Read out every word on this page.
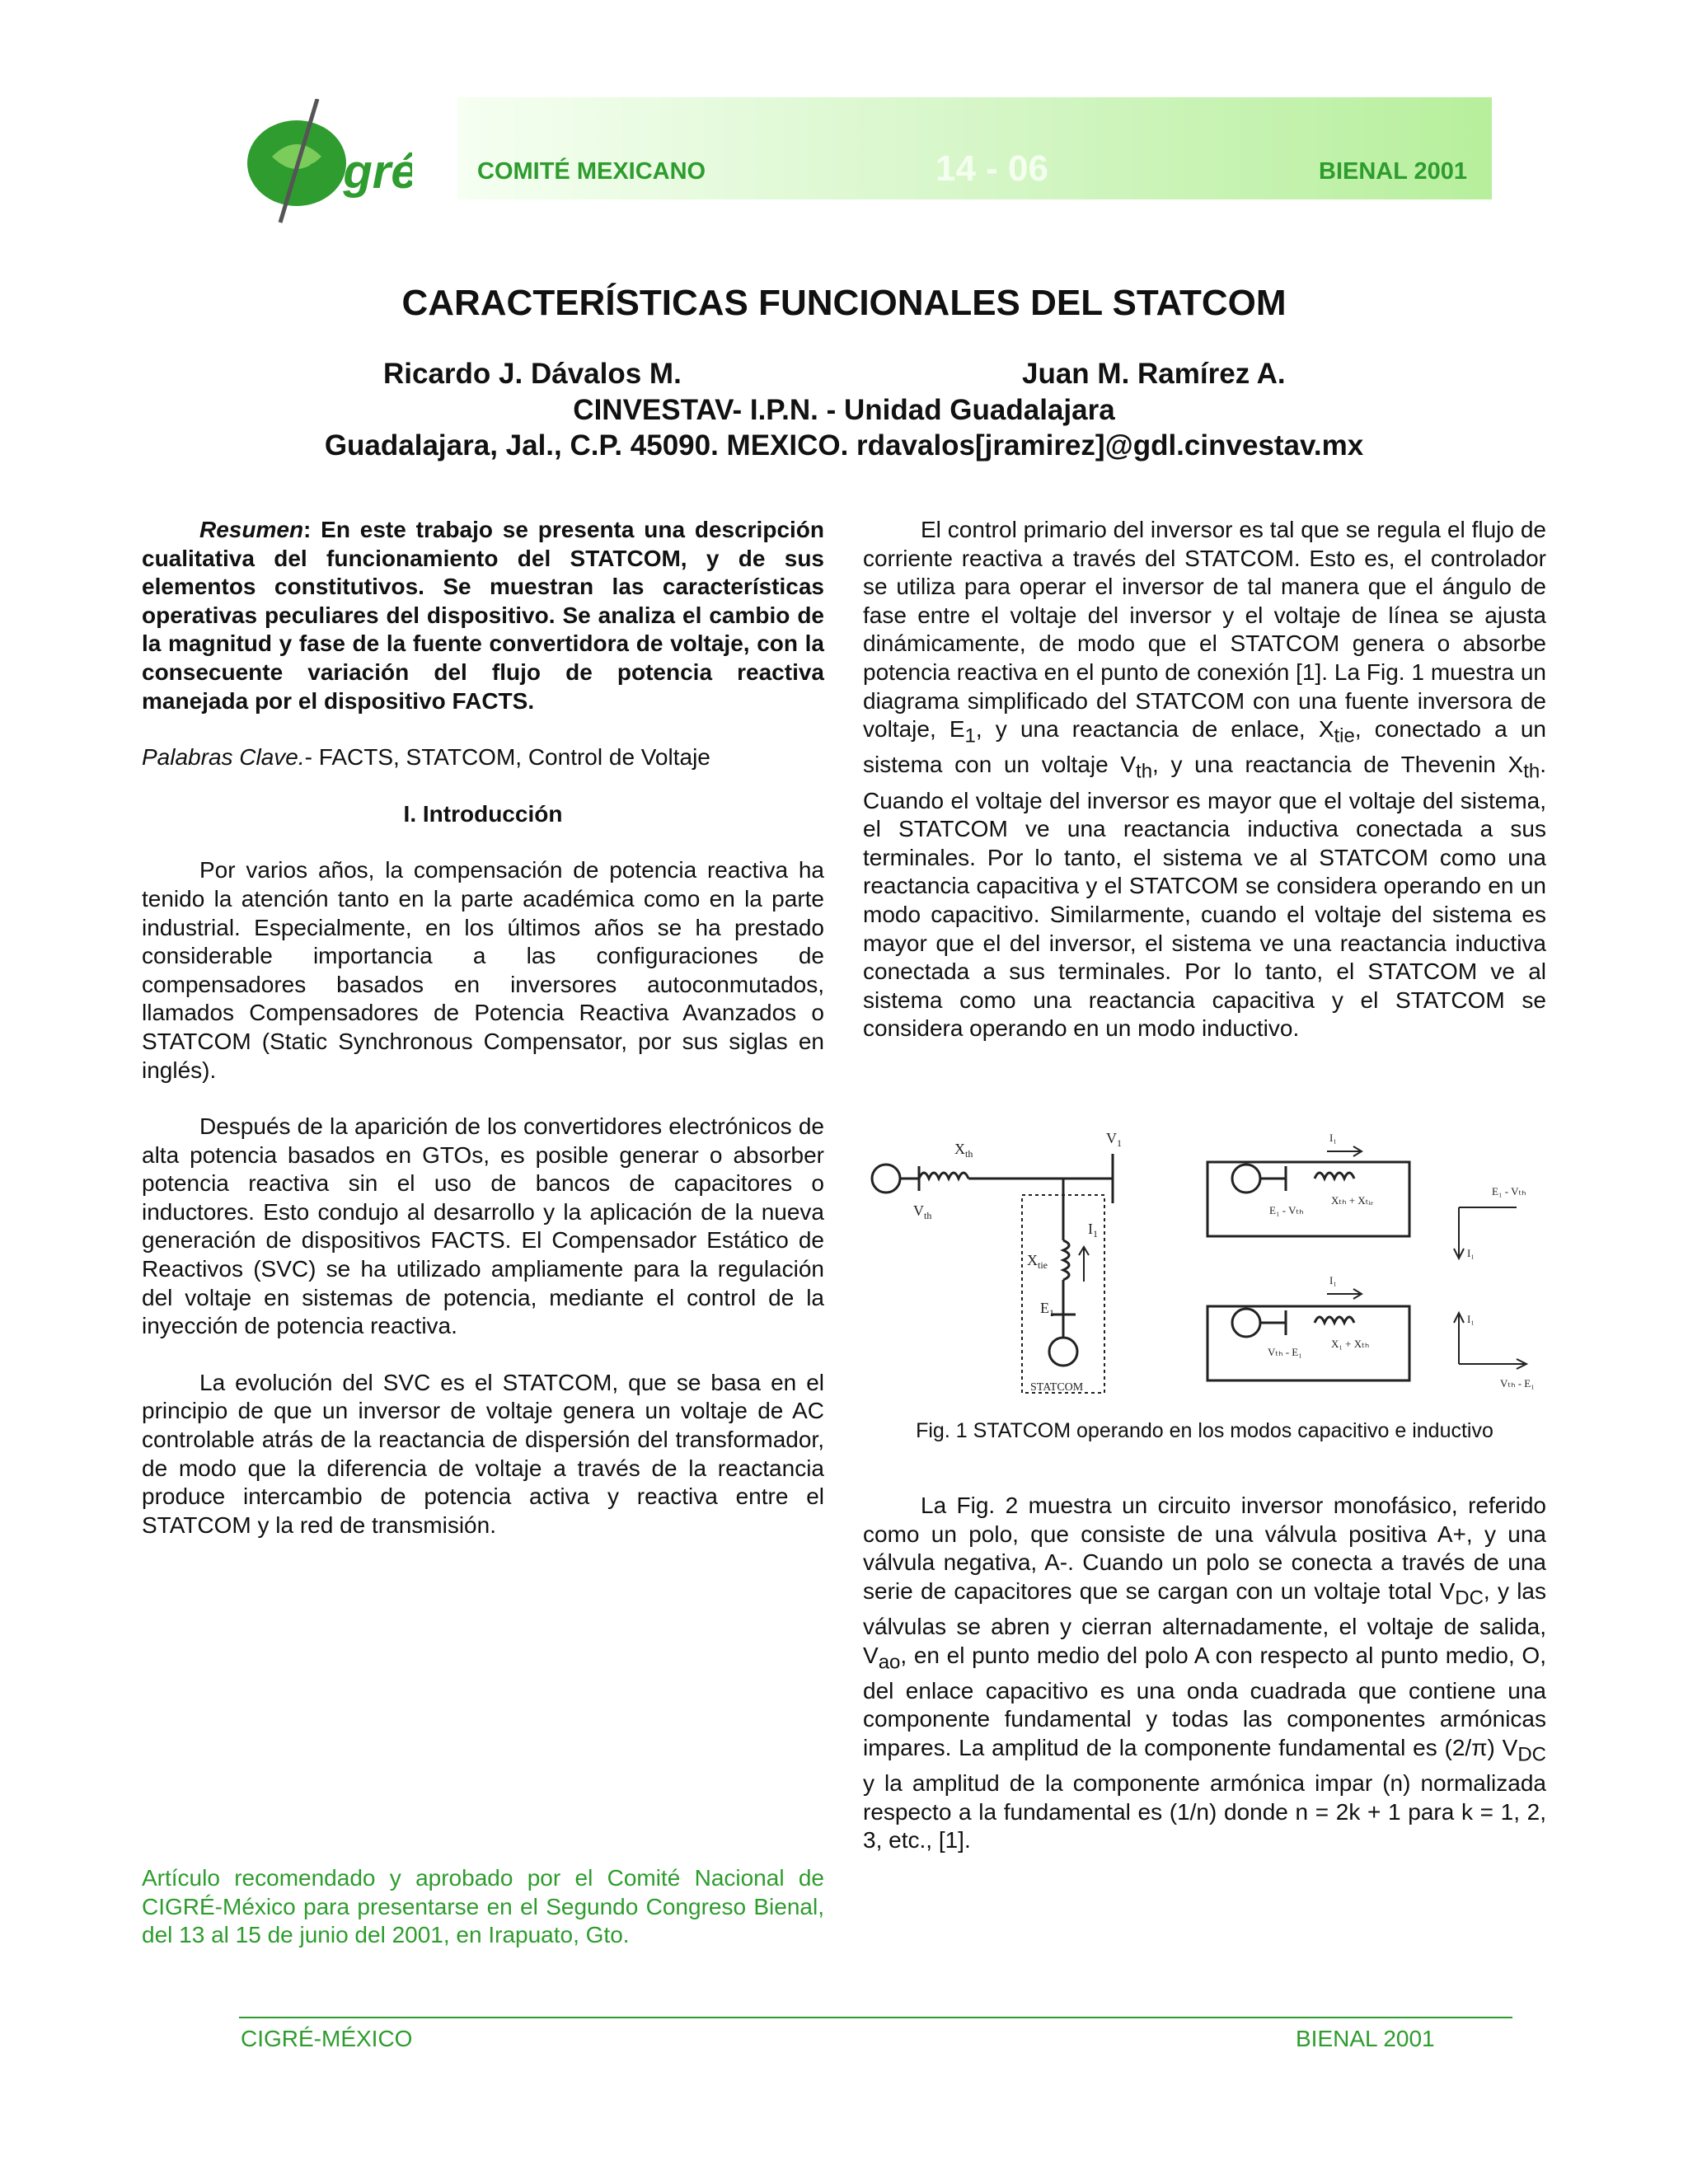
cigré COMITÉ MEXICANO	14 - 06	BIENAL 2001
CARACTERÍSTICAS FUNCIONALES DEL STATCOM
Ricardo J. Dávalos M.	Juan M. Ramírez A.
CINVESTAV- I.P.N. - Unidad Guadalajara
Guadalajara, Jal., C.P. 45090. MEXICO. rdavalos[jramirez]@gdl.cinvestav.mx

Resumen: En este trabajo se presenta una descripción cualitativa del funcionamiento del STATCOM, y de sus elementos constitutivos. Se muestran las características operativas peculiares del dispositivo. Se analiza el cambio de la magnitud y fase de la fuente convertidora de voltaje, con la consecuente variación del flujo de potencia reactiva manejada por el dispositivo FACTS.

Palabras Clave.- FACTS, STATCOM, Control de Voltaje

I. Introducción

Por varios años, la compensación de potencia reactiva ha tenido la atención tanto en la parte académica como en la parte industrial. Especialmente, en los últimos años se ha prestado considerable importancia a las configuraciones de compensadores basados en inversores autoconmutados, llamados Compensadores de Potencia Reactiva Avanzados o STATCOM (Static Synchronous Compensator, por sus siglas en inglés).

Después de la aparición de los convertidores electrónicos de alta potencia basados en GTOs, es posible generar o absorber potencia reactiva sin el uso de bancos de capacitores o inductores. Esto condujo al desarrollo y la aplicación de la nueva generación de dispositivos FACTS. El Compensador Estático de Reactivos (SVC) se ha utilizado ampliamente para la regulación del voltaje en sistemas de potencia, mediante el control de la inyección de potencia reactiva.

La evolución del SVC es el STATCOM, que se basa en el principio de que un inversor de voltaje genera un voltaje de AC controlable atrás de la reactancia de dispersión del transformador, de modo que la diferencia de voltaje a través de la reactancia produce intercambio de potencia activa y reactiva entre el STATCOM y la red de transmisión.

Artículo recomendado y aprobado por el Comité Nacional de CIGRÉ-México para presentarse en el Segundo Congreso Bienal, del 13 al 15 de junio del 2001, en Irapuato, Gto.

El control primario del inversor es tal que se regula el flujo de corriente reactiva a través del STATCOM. Esto es, el controlador se utiliza para operar el inversor de tal manera que el ángulo de fase entre el voltaje del inversor y el voltaje de línea se ajusta dinámicamente, de modo que el STATCOM genera o absorbe potencia reactiva en el punto de conexión [1]. La Fig. 1 muestra un diagrama simplificado del STATCOM con una fuente inversora de voltaje, $E_1$, y una reactancia de enlace, $X_{tie}$, conectado a un sistema con un voltaje $V_{th}$, y una reactancia de Thevenin $X_{th}$. Cuando el voltaje del inversor es mayor que el voltaje del sistema, el STATCOM ve una reactancia inductiva conectada a sus terminales. Por lo tanto, el sistema ve al STATCOM como una reactancia capacitiva y el STATCOM se considera operando en un modo capacitivo. Similarmente, cuando el voltaje del sistema es mayor que el del inversor, el sistema ve una reactancia inductiva conectada a sus terminales. Por lo tanto, el STATCOM ve al sistema como una reactancia capacitiva y el STATCOM se considera operando en un modo inductivo.

$X_{th}$
$V_1$
$V_{th}$
$X_{tie}$
$I_1$
$E_1$
STATCOM
I₁
E₁ - Vₜₕ
Xₜₕ + Xₜᵢₑ
E₁ - Vₜₕ
I₁
I₁
Vₜₕ - E₁
X₁ + Xₜₕ
Vₜₕ - E₁
I₁
Fig. 1 STATCOM operando en los modos capacitivo e inductivo

La Fig. 2 muestra un circuito inversor monofásico, referido como un polo, que consiste de una válvula positiva A+, y una válvula negativa, A-. Cuando un polo se conecta a través de una serie de capacitores que se cargan con un voltaje total $V_{DC}$, y las válvulas se abren y cierran alternadamente, el voltaje de salida, $V_{ao}$, en el punto medio del polo A con respecto al punto medio, O, del enlace capacitivo es una onda cuadrada que contiene una componente fundamental y todas las componentes armónicas impares. La amplitud de la componente fundamental es (2/π) $V_{DC}$ y la amplitud de la componente armónica impar (n) normalizada respecto a la fundamental es (1/n) donde n = 2k + 1 para k = 1, 2, 3, etc., [1].

CIGRÉ-MÉXICO	BIENAL 2001
